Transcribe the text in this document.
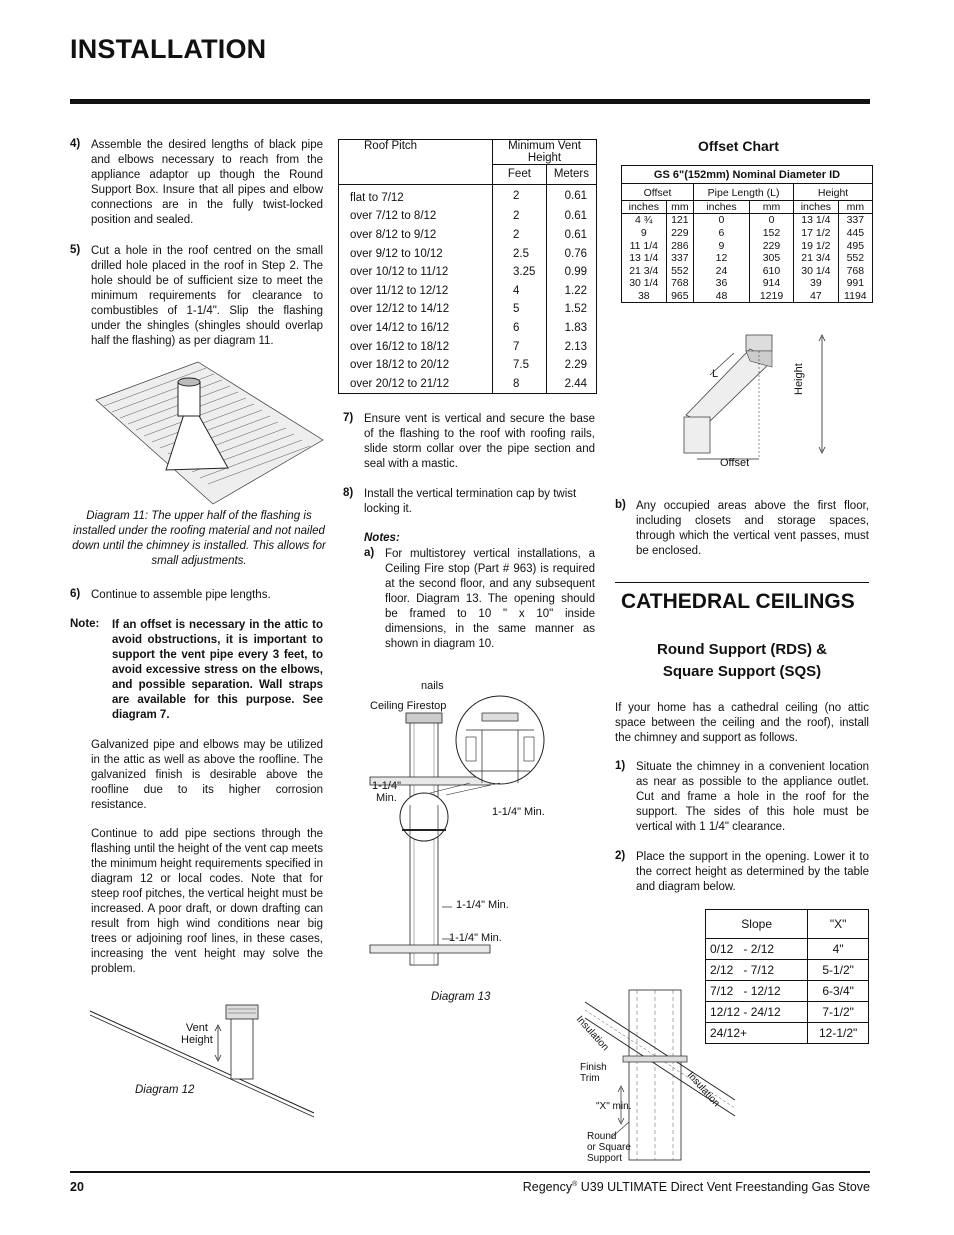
INSTALLATION
4) Assemble the desired lengths of black pipe and elbows necessary to reach from the appliance adaptor up though the Round Support Box. Insure that all pipes and elbow connections are in the fully twist-locked position and sealed.
5) Cut a hole in the roof centred on the small drilled hole placed in the roof in Step 2. The hole should be of sufficient size to meet the minimum requirements for clearance to combustibles of 1-1/4". Slip the flashing under the shingles (shingles should overlap half the flashing) as per diagram 11.
Diagram 11: The upper half of the flashing is installed under the roofing material and not nailed down until the chimney is installed. This allows for small adjustments.
6) Continue to assemble pipe lengths.
Note: If an offset is necessary in the attic to avoid obstructions, it is important to support the vent pipe every 3 feet, to avoid excessive stress on the elbows, and possible separation. Wall straps are available for this purpose. See diagram 7.
Galvanized pipe and elbows may be utilized in the attic as well as above the roofline. The galvanized finish is desirable above the roofline due to its higher corrosion resistance.
Continue to add pipe sections through the flashing until the height of the vent cap meets the minimum height requirements specified in diagram 12 or local codes. Note that for steep roof pitches, the vertical height must be increased. A poor draft, or down drafting can result from high wind conditions near big trees or adjoining roof lines, in these cases, increasing the vent height may solve the problem.
Vent
Height
Diagram 12
Roof Pitch	Minimum Vent Height	
	Feet	Meters
flat to 7/12	2	0.61
over 7/12 to 8/12	2	0.61
over 8/12 to 9/12	2	0.61
over 9/12 to 10/12	2.5	0.76
over 10/12 to 11/12	3.25	0.99
over 11/12 to 12/12	4	1.22
over 12/12 to 14/12	5	1.52
over 14/12 to 16/12	6	1.83
over 16/12 to 18/12	7	2.13
over 18/12 to 20/12	7.5	2.29
over 20/12 to 21/12	8	2.44
7) Ensure vent is vertical and secure the base of the flashing to the roof with roofing rails, slide storm collar over the pipe section and seal with a mastic.
8) Install the vertical termination cap by twist locking it.
Notes:
a) For multistorey vertical installations, a Ceiling Fire stop (Part # 963) is required at the second floor, and any subsequent floor. Diagram 13. The opening should be framed to 10 " x 10" inside dimensions, in the same manner as shown in diagram 10.
nails
Ceiling Firestop
1-1/4"
Min.
1-1/4" Min.
1-1/4" Min.
1-1/4" Min.
Diagram 13
Offset Chart
GS 6"(152mm) Nominal Diameter ID					
Offset		Pipe Length (L)		Height	
inches	mm	inches	mm	inches	mm
4 ¾	121	0	0	13 1/4	337
9	229	6	152	17 1/2	445
11 1/4	286	9	229	19 1/2	495
13 1/4	337	12	305	21 3/4	552
21 3/4	552	24	610	30 1/4	768
30 1/4	768	36	914	39	991
38	965	48	1219	47	1194
L	Height
Offset
b) Any occupied areas above the first floor, including closets and storage spaces, through which the vertical vent passes, must be enclosed.
CATHEDRAL CEILINGS
Round Support (RDS) &
Square Support (SQS)
If your home has a cathedral ceiling (no attic space between the ceiling and the roof), install the chimney and support as follows.
1) Situate the chimney in a convenient location as near as possible to the appliance outlet. Cut and frame a hole in the roof for the support. The sides of this hole must be vertical with 1 1/4" clearance.
2) Place the support in the opening. Lower it to the correct height as determined by the table and diagram below.
Slope	"X"
0/12   - 2/12	4"
2/12   - 7/12	5-1/2"
7/12   - 12/12	6-3/4"
12/12 - 24/12	7-1/2"
24/12+	12-1/2"
Insulation
Insulation
Finish
Trim
"X" min.
Round
or Square
Support
20	Regency® U39 ULTIMATE Direct Vent Freestanding Gas Stove
